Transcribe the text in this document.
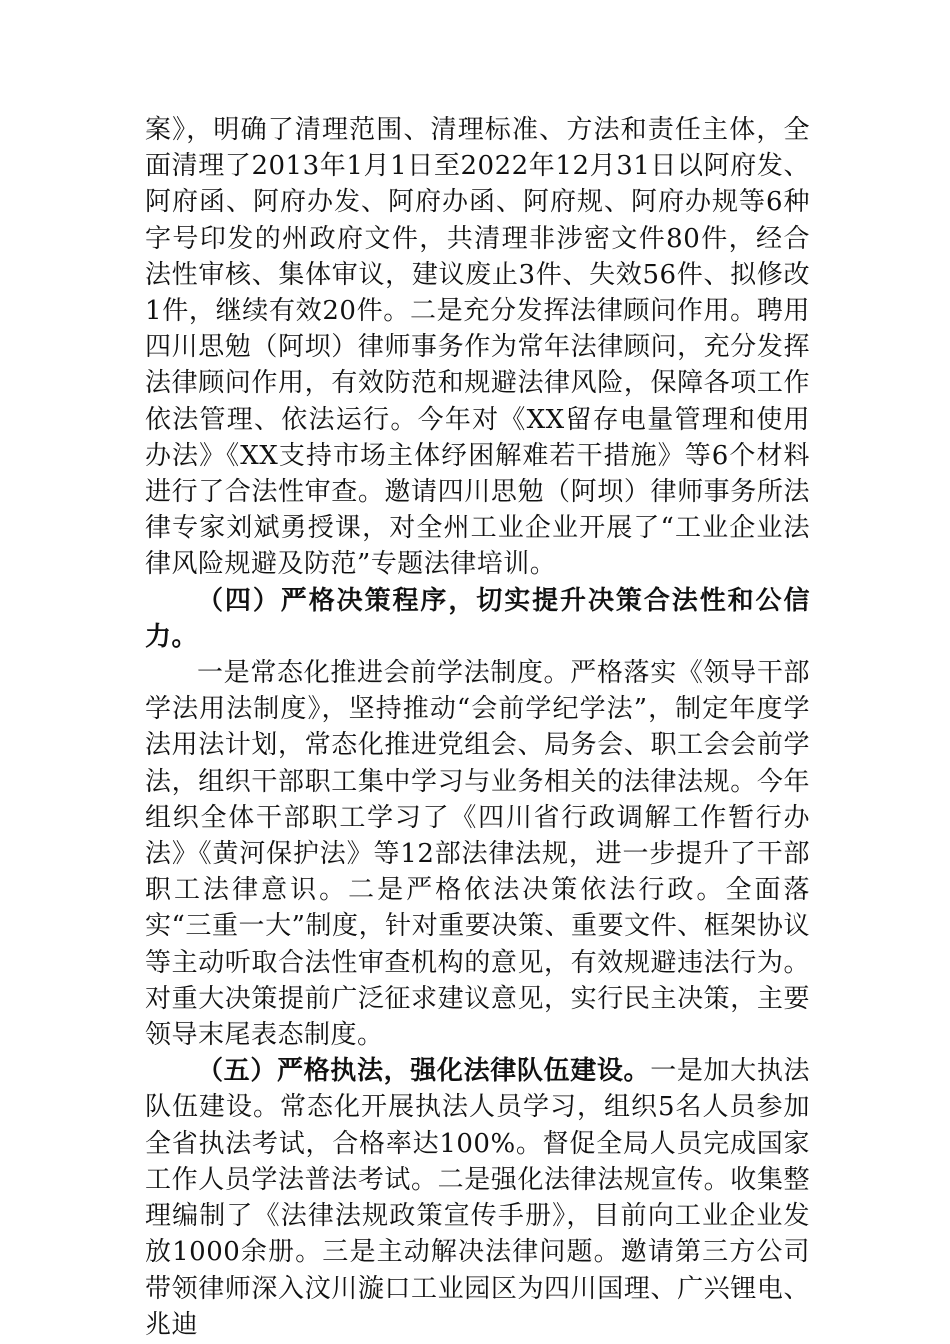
案》，明确了清理范围、清理标准、方法和责任主体，全面清理了2013年1月1日至2022年12月31日以阿府发、阿府函、阿府办发、阿府办函、阿府规、阿府办规等6种字号印发的州政府文件，共清理非涉密文件80件，经合法性审核、集体审议，建议废止3件、失效56件、拟修改1件，继续有效20件。二是充分发挥法律顾问作用。聘用四川思勉（阿坝）律师事务作为常年法律顾问，充分发挥法律顾问作用，有效防范和规避法律风险，保障各项工作依法管理、依法运行。今年对《XX留存电量管理和使用办法》《XX支持市场主体纾困解难若干措施》等6个材料进行了合法性审查。邀请四川思勉（阿坝）律师事务所法律专家刘斌勇授课，对全州工业企业开展了“工业企业法律风险规避及防范”专题法律培训。

（四）严格决策程序，切实提升决策合法性和公信力。

一是常态化推进会前学法制度。严格落实《领导干部学法用法制度》，坚持推动“会前学纪学法”，制定年度学法用法计划，常态化推进党组会、局务会、职工会会前学法，组织干部职工集中学习与业务相关的法律法规。今年组织全体干部职工学习了《四川省行政调解工作暂行办法》《黄河保护法》等12部法律法规，进一步提升了干部职工法律意识。二是严格依法决策依法行政。全面落实“三重一大”制度，针对重要决策、重要文件、框架协议等主动听取合法性审查机构的意见，有效规避违法行为。对重大决策提前广泛征求建议意见，实行民主决策，主要领导末尾表态制度。

（五）严格执法，强化法律队伍建设。一是加大执法队伍建设。常态化开展执法人员学习，组织5名人员参加全省执法考试，合格率达100%。督促全局人员完成国家工作人员学法普法考试。二是强化法律法规宣传。收集整理编制了《法律法规政策宣传手册》，目前向工业企业发放1000余册。三是主动解决法律问题。邀请第三方公司带领律师深入汶川漩口工业园区为四川国理、广兴锂电、兆迪
